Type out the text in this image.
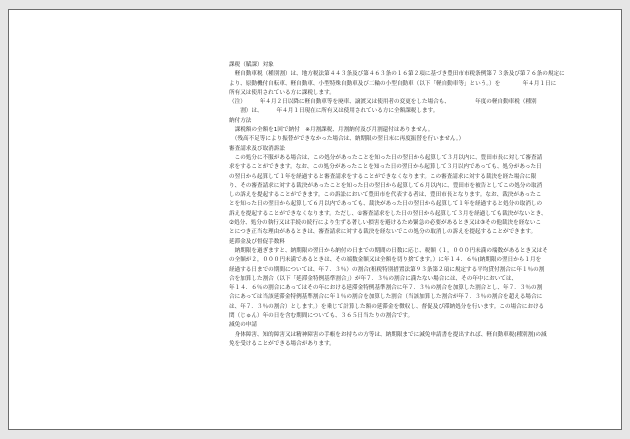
課税（賦課）対象

　軽自動車税（種別割）は、地方税法第４４３条及び第４６３条の１６第２項に基づき豊田市市税条例第７３条及び第７６条の規定に

より、原動機付自転車、軽自動車、小型特殊自動車及び二輪の小型自動車（以下「軽自動車等」という。）を　　　　年４月１日に

所有又は使用されている方に課税します。

（注）　　　年４月２日以降に軽自動車等を廃車、譲渡又は使用者の変更をした場合も、　　　　　年度の軽自動車税（種別

　　割）は、　　　年４月１日現在に所有又は使用されている方に全額課税します。

納付方法

　課税額の全額を1回で納付　※月割課税、月割納付及び月割還付はありません。

　（残高不足等により振替ができなかった場合は、納期限の翌日末に再度振替を行いません。）

審査請求及び取消訴訟

　この処分に不服がある場合は、この処分があったことを知った日の翌日から起算して３月以内に、豊田市長に対して審査請

求をすることができます。なお、この処分があったことを知った日の翌日から起算して３月以内であっても、処分があった日

の翌日から起算して１年を経過すると審査請求をすることができなくなります。この審査請求に対する裁決を経た場合に限

り、その審査請求に対する裁決があったことを知った日の翌日から起算して６月以内に、豊田市を被告としてこの処分の取消

しの訴えを提起することができます。この訴訟において豊田市を代表する者は、豊田市長となります。なお、裁決があったこ

とを知った日の翌日から起算して６月以内であっても、裁決があった日の翌日から起算して１年を経過すると処分の取消しの

訴えを提起することができなくなります。ただし、①審査請求をした日の翌日から起算して３月を経過しても裁決がないとき、

②処分、処分の執行又は手続の続行により生ずる著しい損害を避けるため緊急の必要があるとき又は③その他裁決を経ないこ

とにつき正当な理由があるときは、審査請求に対する裁決を経ないでこの処分の取消しの訴えを提起することができます。

延滞金及び督促手数料

　納期限を過ぎますと、納期限の翌日から納付の日までの期間の日数に応じ、税額（１，０００円未満の端数があるとき又はそ

の全額が２，０００円未満であるときは、その端数金額又は全額を切り捨てます。）に年１４．６％(納期限の翌日から１月を

経過する日までの期間については、年７．３％）の割合(租税特別措置法第９３条第２項に規定する平均貸付割合に年１％の割

合を加算した割合（以下「延滞金特例基準割合」）が年７．３％の割合に満たない場合には、その年中においては、

年１４．６％の割合にあってはその年における延滞金特例基準割合に年７．３％の割合を加算した割合とし、年７．３％の割

合にあっては当該延滞金特例基準割合に年１％の割合を加算した割合（当該加算した割合が年７．３％の割合を超える場合に

は、年７．３％の割合）とします。）を乗じて計算した額の延滞金を徴収し、督促及び滞納処分を行います。この場合における

閏（じゅん）年の日を含む期間についても、３６５日当たりの割合です。

減免の申請

　身体障害、知的障害又は精神障害の手帳をお持ちの方等は、納期限までに減免申請書を提出すれば、軽自動車税(種別割)の減

免を受けることができる場合があります。
